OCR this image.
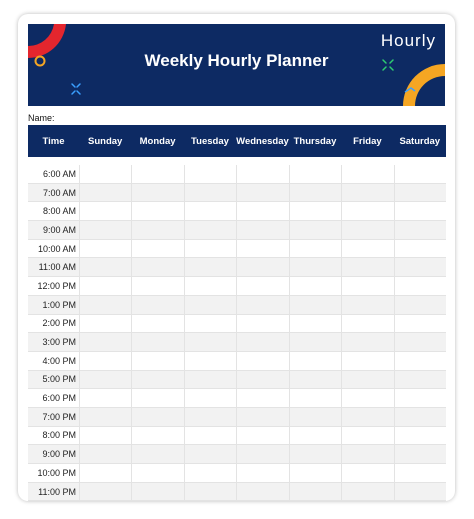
Weekly Hourly Planner
Hourly
Name:
Time	Sunday	Monday	Tuesday Wednesday Thursday	Friday	Saturday
6:00 AM
7:00 AM
8:00 AM
9:00 AM
10:00 AM
11:00 AM
12:00 PM
1:00 PM
2:00 PM
3:00 PM
4:00 PM
5:00 PM
6:00 PM
7:00 PM
8:00 PM
9:00 PM
10:00 PM
11:00 PM
